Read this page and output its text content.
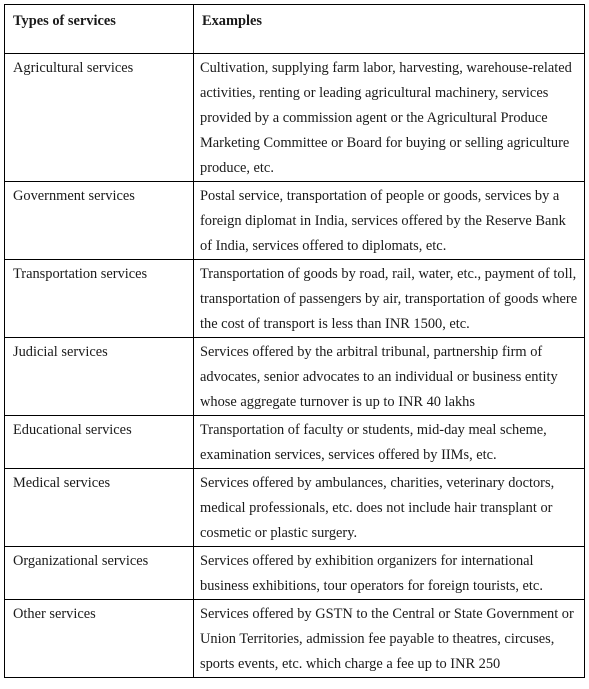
Types of services	Examples
Agricultural services	Cultivation, supplying farm labor, harvesting, warehouse-related activities, renting or leading agricultural machinery, services provided by a commission agent or the Agricultural Produce Marketing Committee or Board for buying or selling agriculture produce, etc.
Government services	Postal service, transportation of people or goods, services by a foreign diplomat in India, services offered by the Reserve Bank of India, services offered to diplomats, etc.
Transportation services	Transportation of goods by road, rail, water, etc., payment of toll, transportation of passengers by air, transportation of goods where the cost of transport is less than INR 1500, etc.
Judicial services	Services offered by the arbitral tribunal, partnership firm of advocates, senior advocates to an individual or business entity whose aggregate turnover is up to INR 40 lakhs
Educational services	Transportation of faculty or students, mid-day meal scheme, examination services, services offered by IIMs, etc.
Medical services	Services offered by ambulances, charities, veterinary doctors, medical professionals, etc. does not include hair transplant or cosmetic or plastic surgery.
Organizational services	Services offered by exhibition organizers for international business exhibitions, tour operators for foreign tourists, etc.
Other services	Services offered by GSTN to the Central or State Government or Union Territories, admission fee payable to theatres, circuses, sports events, etc. which charge a fee up to INR 250
